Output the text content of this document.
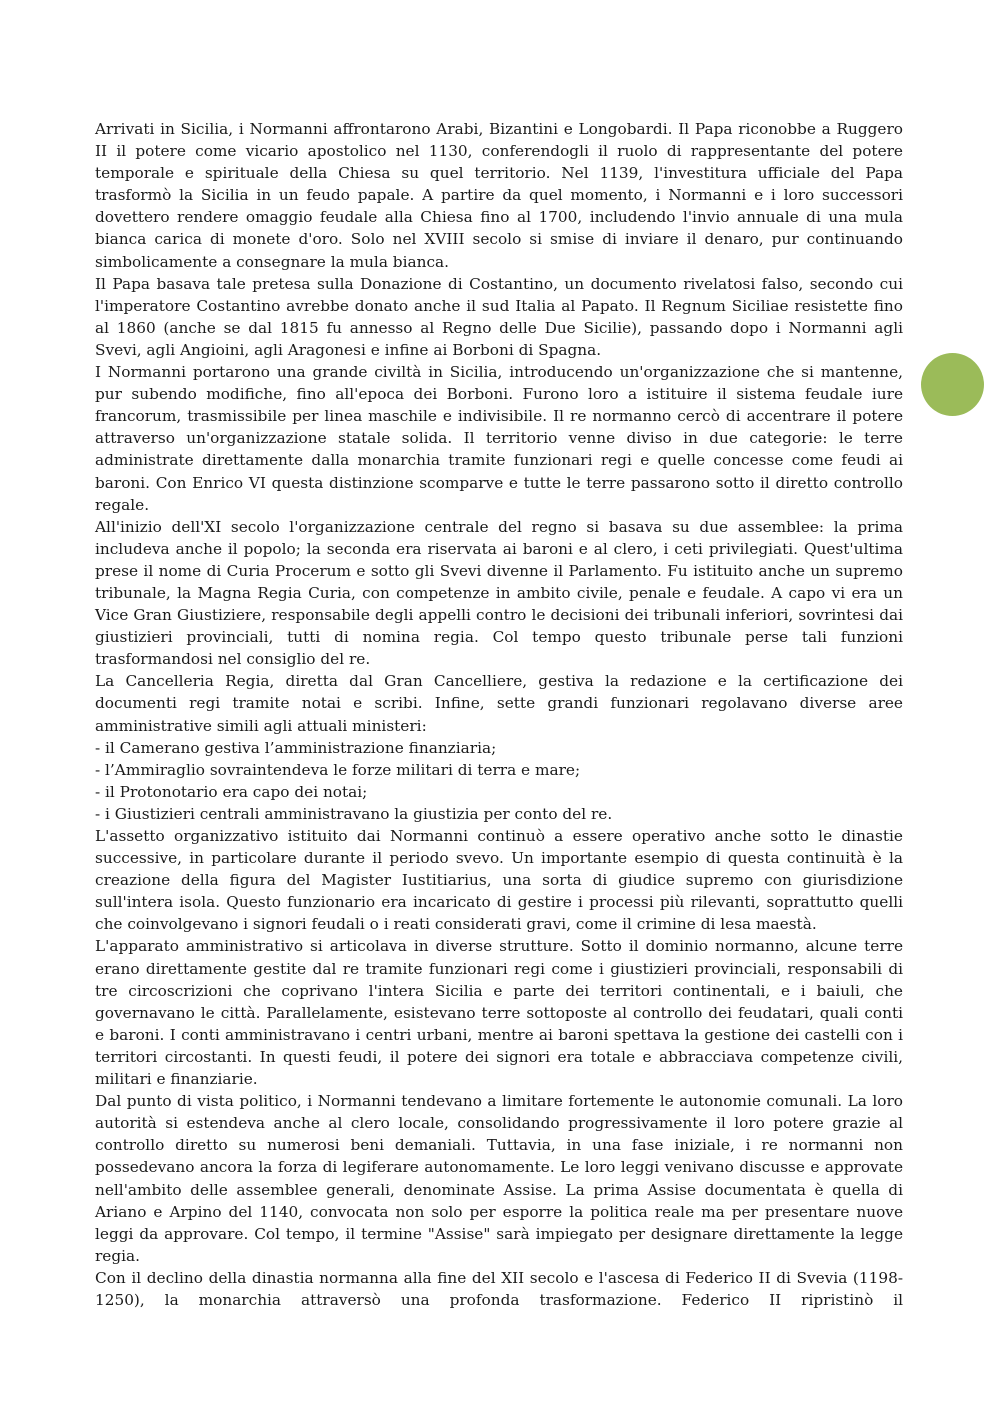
Arrivati in Sicilia, i Normanni affrontarono Arabi, Bizantini e Longobardi. Il Papa riconobbe a Ruggero II il potere come vicario apostolico nel 1130, conferendogli il ruolo di rappresentante del potere temporale e spirituale della Chiesa su quel territorio. Nel 1139, l'investitura ufficiale del Papa trasformò la Sicilia in un feudo papale. A partire da quel momento, i Normanni e i loro successori dovettero rendere omaggio feudale alla Chiesa fino al 1700, includendo l'invio annuale di una mula bianca carica di monete d'oro. Solo nel XVIII secolo si smise di inviare il denaro, pur continuando simbolicamente a consegnare la mula bianca.

Il Papa basava tale pretesa sulla Donazione di Costantino, un documento rivelatosi falso, secondo cui l'imperatore Costantino avrebbe donato anche il sud Italia al Papato. Il Regnum Siciliae resistette fino al 1860 (anche se dal 1815 fu annesso al Regno delle Due Sicilie), passando dopo i Normanni agli Svevi, agli Angioini, agli Aragonesi e infine ai Borboni di Spagna.

I Normanni portarono una grande civiltà in Sicilia, introducendo un'organizzazione che si mantenne, pur subendo modifiche, fino all'epoca dei Borboni. Furono loro a istituire il sistema feudale iure francorum, trasmissibile per linea maschile e indivisibile. Il re normanno cercò di accentrare il potere attraverso un'organizzazione statale solida. Il territorio venne diviso in due categorie: le terre administrate direttamente dalla monarchia tramite funzionari regi e quelle concesse come feudi ai baroni. Con Enrico VI questa distinzione scomparve e tutte le terre passarono sotto il diretto controllo regale.

All'inizio dell'XI secolo l'organizzazione centrale del regno si basava su due assemblee: la prima includeva anche il popolo; la seconda era riservata ai baroni e al clero, i ceti privilegiati. Quest'ultima prese il nome di Curia Procerum e sotto gli Svevi divenne il Parlamento. Fu istituito anche un supremo tribunale, la Magna Regia Curia, con competenze in ambito civile, penale e feudale. A capo vi era un Vice Gran Giustiziere, responsabile degli appelli contro le decisioni dei tribunali inferiori, sovrintesi dai giustizieri provinciali, tutti di nomina regia. Col tempo questo tribunale perse tali funzioni trasformandosi nel consiglio del re.

La Cancelleria Regia, diretta dal Gran Cancelliere, gestiva la redazione e la certificazione dei documenti regi tramite notai e scribi. Infine, sette grandi funzionari regolavano diverse aree amministrative simili agli attuali ministeri:

- il Camerano gestiva l’amministrazione finanziaria;
- l’Ammiraglio sovraintendeva le forze militari di terra e mare;
- il Protonotario era capo dei notai;
- i Giustizieri centrali amministravano la giustizia per conto del re.

L'assetto organizzativo istituito dai Normanni continuò a essere operativo anche sotto le dinastie successive, in particolare durante il periodo svevo. Un importante esempio di questa continuità è la creazione della figura del Magister Iustitiarius, una sorta di giudice supremo con giurisdizione sull'intera isola. Questo funzionario era incaricato di gestire i processi più rilevanti, soprattutto quelli che coinvolgevano i signori feudali o i reati considerati gravi, come il crimine di lesa maestà.

L'apparato amministrativo si articolava in diverse strutture. Sotto il dominio normanno, alcune terre erano direttamente gestite dal re tramite funzionari regi come i giustizieri provinciali, responsabili di tre circoscrizioni che coprivano l'intera Sicilia e parte dei territori continentali, e i baiuli, che governavano le città. Parallelamente, esistevano terre sottoposte al controllo dei feudatari, quali conti e baroni. I conti amministravano i centri urbani, mentre ai baroni spettava la gestione dei castelli con i territori circostanti. In questi feudi, il potere dei signori era totale e abbracciava competenze civili, militari e finanziarie.

Dal punto di vista politico, i Normanni tendevano a limitare fortemente le autonomie comunali. La loro autorità si estendeva anche al clero locale, consolidando progressivamente il loro potere grazie al controllo diretto su numerosi beni demaniali. Tuttavia, in una fase iniziale, i re normanni non possedevano ancora la forza di legiferare autonomamente. Le loro leggi venivano discusse e approvate nell'ambito delle assemblee generali, denominate Assise. La prima Assise documentata è quella di Ariano e Arpino del 1140, convocata non solo per esporre la politica reale ma per presentare nuove leggi da approvare. Col tempo, il termine "Assise" sarà impiegato per designare direttamente la legge regia.

Con il declino della dinastia normanna alla fine del XII secolo e l'ascesa di Federico II di Svevia (1198-1250), la monarchia attraversò una profonda trasformazione. Federico II ripristinò il
